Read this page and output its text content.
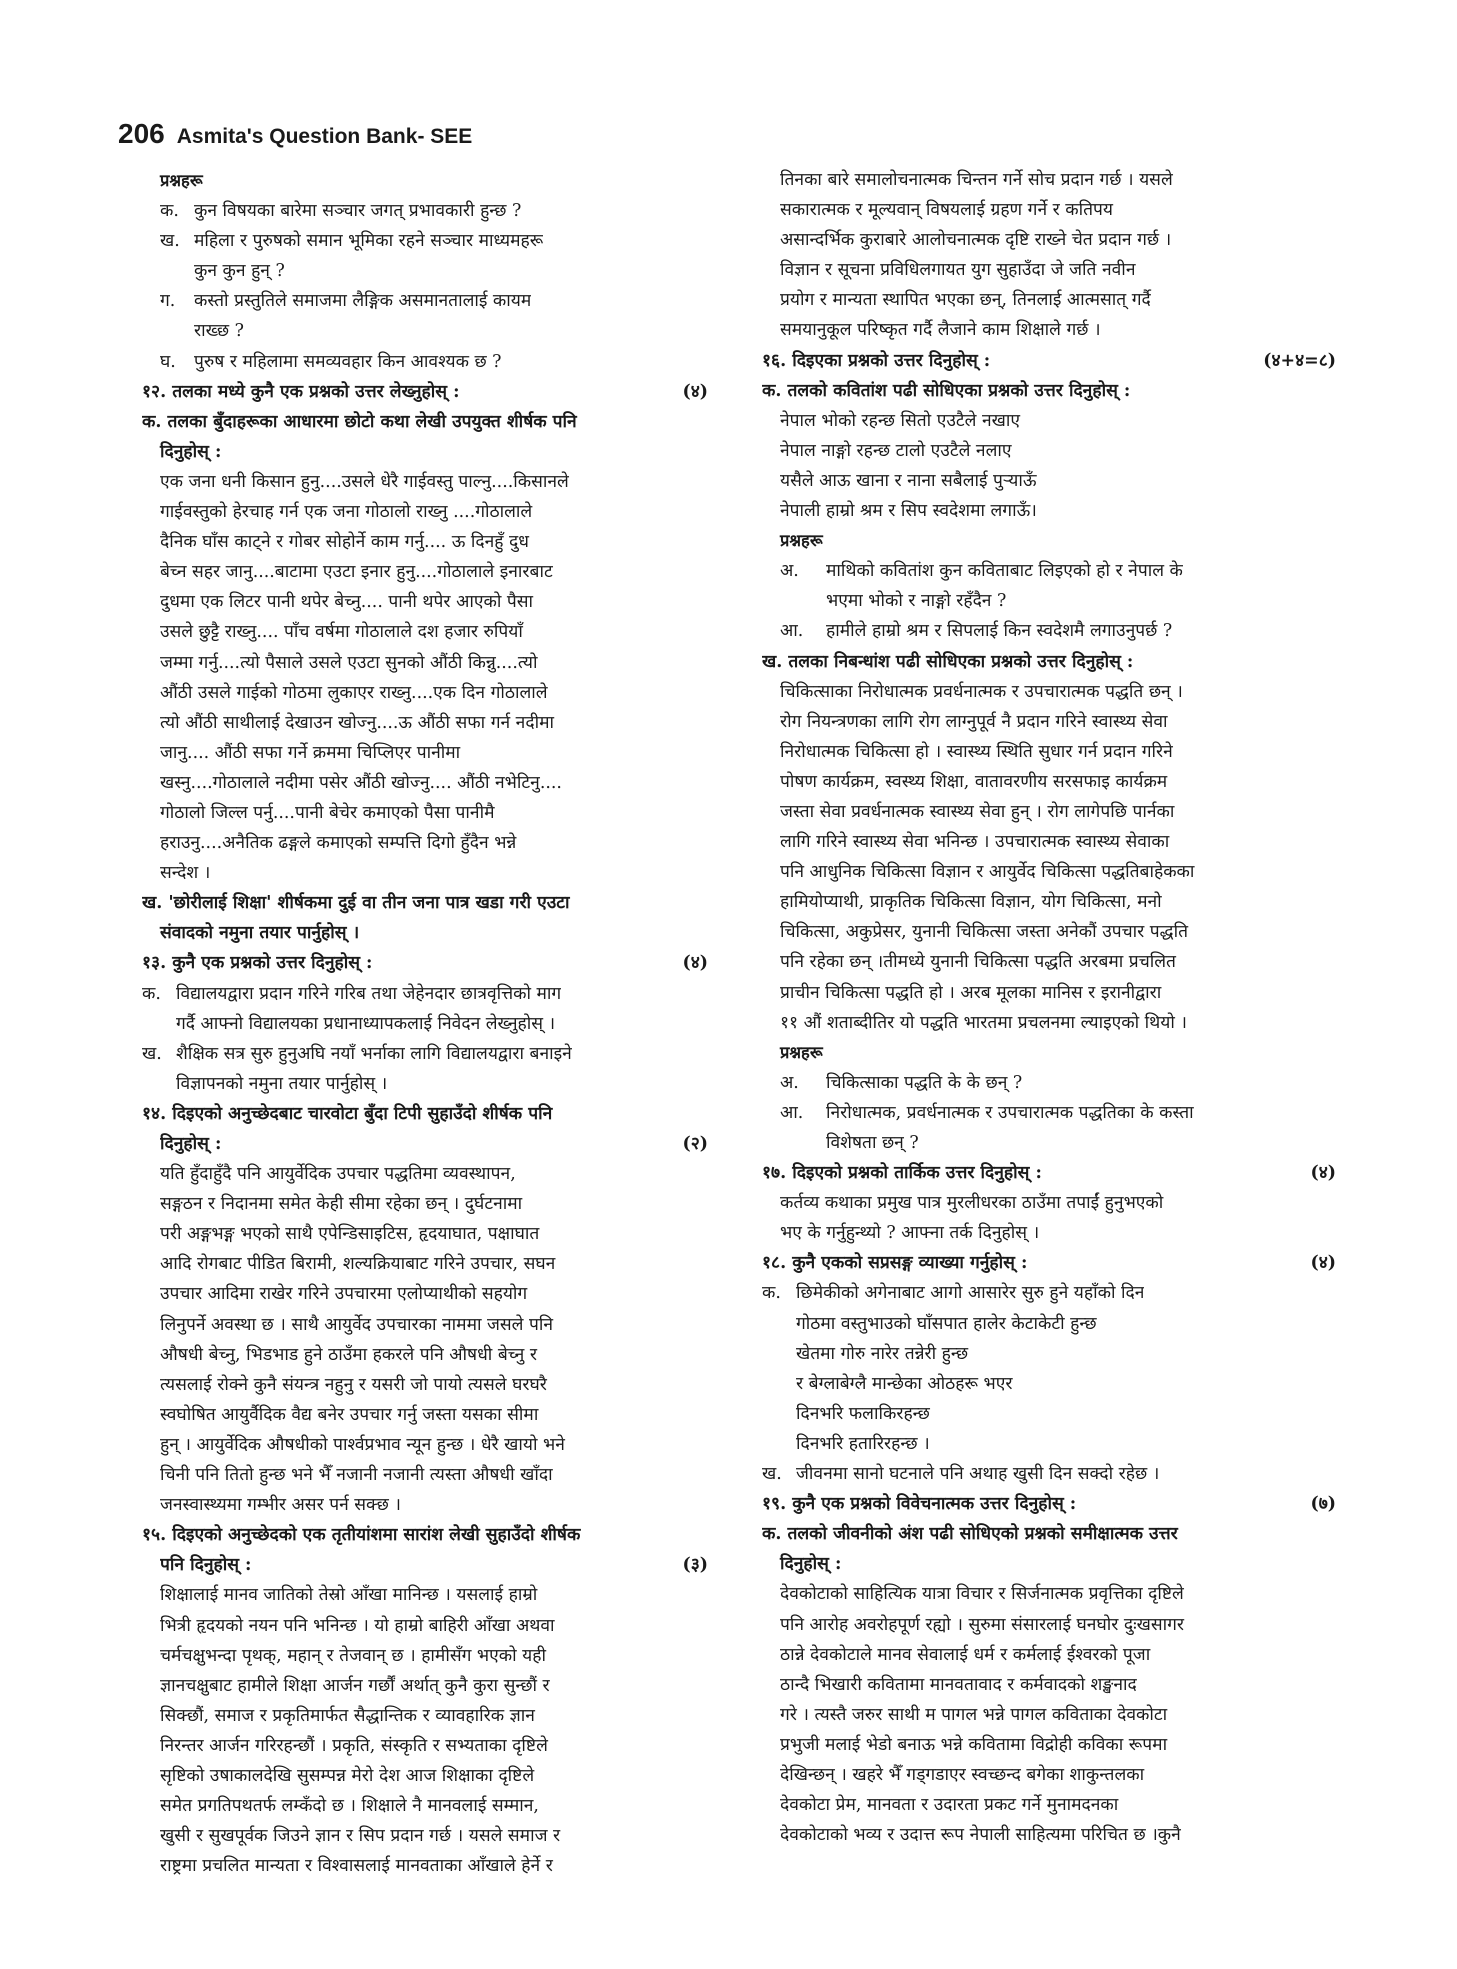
206 Asmita's Question Bank- SEE
प्रश्नहरू
क. कुन विषयका बारेमा सञ्चार जगत् प्रभावकारी हुन्छ ?
ख. महिला र पुरुषको समान भूमिका रहने सञ्चार माध्यमहरू
कुन कुन हुन् ?
ग.	कस्तो प्रस्तुतिले समाजमा लैङ्गिक असमानतालाई कायम
राख्छ ?
घ.	पुरुष र महिलामा समव्यवहार किन आवश्यक छ ?
१२. तलका मध्ये कुनै एक प्रश्नको उत्तर लेख्नुहोस् :	(४)
क. तलका बुँदाहरूका आधारमा छोटो कथा लेखी उपयुक्त शीर्षक पनि
दिनुहोस् :
एक जना धनी किसान हुनु....उसले धेरै गाईवस्तु पाल्नु....किसानले
गाईवस्तुको हेरचाह गर्न एक जना गोठालो राख्नु ....गोठालाले
दैनिक घाँस काट्ने र गोबर सोहोर्ने काम गर्नु.... ऊ दिनहुँ दुध
बेच्न सहर जानु....बाटामा एउटा इनार हुनु....गोठालाले इनारबाट
दुधमा एक लिटर पानी थपेर बेच्नु.... पानी थपेर आएको पैसा
उसले छुट्टै राख्नु.... पाँच वर्षमा गोठालाले दश हजार रुपियाँ
जम्मा गर्नु....त्यो पैसाले उसले एउटा सुनको औंठी किन्नु....त्यो
औंठी उसले गाईको गोठमा लुकाएर राख्नु....एक दिन गोठालाले
त्यो औंठी साथीलाई देखाउन खोज्नु....ऊ औंठी सफा गर्न नदीमा
जानु.... औंठी सफा गर्ने क्रममा चिप्लिएर पानीमा
खस्नु....गोठालाले नदीमा पसेर औंठी खोज्नु.... औंठी नभेटिनु....
गोठालो जिल्ल पर्नु....पानी बेचेर कमाएको पैसा पानीमै
हराउनु....अनैतिक ढङ्गले कमाएको सम्पत्ति दिगो हुँदैन भन्ने
सन्देश ।
ख. 'छोरीलाई शिक्षा' शीर्षकमा दुई वा तीन जना पात्र खडा गरी एउटा
संवादको नमुना तयार पार्नुहोस् ।
१३. कुनै एक प्रश्नको उत्तर दिनुहोस् :	(४)
क. विद्यालयद्वारा प्रदान गरिने गरिब तथा जेहेनदार छात्रवृत्तिको माग
गर्दै आफ्नो विद्यालयका प्रधानाध्यापकलाई निवेदन लेख्नुहोस् ।
ख. शैक्षिक सत्र सुरु हुनुअघि नयाँ भर्नाका लागि विद्यालयद्वारा बनाइने
विज्ञापनको नमुना तयार पार्नुहोस् ।
१४. दिइएको अनुच्छेदबाट चारवोटा बुँदा टिपी सुहाउँदो शीर्षक पनि
दिनुहोस् :	(२)
यति हुँदाहुँदै पनि आयुर्वेदिक उपचार पद्धतिमा व्यवस्थापन,
सङ्गठन र निदानमा समेत केही सीमा रहेका छन् । दुर्घटनामा
परी अङ्गभङ्ग भएको साथै एपेन्डिसाइटिस, हृदयाघात, पक्षाघात
आदि रोगबाट पीडित बिरामी, शल्यक्रियाबाट गरिने उपचार, सघन
उपचार आदिमा राखेर गरिने उपचारमा एलोप्याथीको सहयोग
लिनुपर्ने अवस्था छ । साथै आयुर्वेद उपचारका नाममा जसले पनि
औषधी बेच्नु, भिडभाड हुने ठाउँमा हकरले पनि औषधी बेच्नु र
त्यसलाई रोक्ने कुनै संयन्त्र नहुनु र यसरी जो पायो त्यसले घरघरै
स्वघोषित आयुर्वैदिक वैद्य बनेर उपचार गर्नु जस्ता यसका सीमा
हुन् । आयुर्वेदिक औषधीको पार्श्वप्रभाव न्यून हुन्छ । धेरै खायो भने
चिनी पनि तितो हुन्छ भने भैँ नजानी नजानी त्यस्ता औषधी खाँदा
जनस्वास्थ्यमा गम्भीर असर पर्न सक्छ ।
१५. दिइएको अनुच्छेदको एक तृतीयांशमा सारांश लेखी सुहाउँदो शीर्षक
पनि दिनुहोस् :	(३)
शिक्षालाई मानव जातिको तेस्रो आँखा मानिन्छ । यसलाई हाम्रो
भित्री हृदयको नयन पनि भनिन्छ । यो हाम्रो बाहिरी आँखा अथवा
चर्मचक्षुभन्दा पृथक्, महान् र तेजवान् छ । हामीसँग भएको यही
ज्ञानचक्षुबाट हामीले शिक्षा आर्जन गर्छौं अर्थात् कुनै कुरा सुन्छौं र
सिक्छौं, समाज र प्रकृतिमार्फत सैद्धान्तिक र व्यावहारिक ज्ञान
निरन्तर आर्जन गरिरहन्छौं । प्रकृति, संस्कृति र सभ्यताका दृष्टिले
सृष्टिको उषाकालदेखि सुसम्पन्न मेरो देश आज शिक्षाका दृष्टिले
समेत प्रगतिपथतर्फ लम्कँदो छ । शिक्षाले नै मानवलाई सम्मान,
खुसी र सुखपूर्वक जिउने ज्ञान र सिप प्रदान गर्छ । यसले समाज र
राष्ट्रमा प्रचलित मान्यता र विश्वासलाई मानवताका आँखाले हेर्ने र
तिनका बारे समालोचनात्मक चिन्तन गर्ने सोच प्रदान गर्छ । यसले
सकारात्मक र मूल्यवान् विषयलाई ग्रहण गर्ने र कतिपय
असान्दर्भिक कुराबारे आलोचनात्मक दृष्टि राख्ने चेत प्रदान गर्छ ।
विज्ञान र सूचना प्रविधिलगायत युग सुहाउँदा जे जति नवीन
प्रयोग र मान्यता स्थापित भएका छन्, तिनलाई आत्मसात् गर्दै
समयानुकूल परिष्कृत गर्दै लैजाने काम शिक्षाले गर्छ ।
१६. दिइएका प्रश्नको उत्तर दिनुहोस् :	(४+४=८)
क. तलको कवितांश पढी सोधिएका प्रश्नको उत्तर दिनुहोस् :
नेपाल भोको रहन्छ सितो एउटैले नखाए
नेपाल नाङ्गो रहन्छ टालो एउटैले नलाए
यसैले आऊ खाना र नाना सबैलाई पुऱ्याऊँ
नेपाली हाम्रो श्रम र सिप स्वदेशमा लगाऊँ।
प्रश्नहरू
अ.	माथिको कवितांश कुन कविताबाट लिइएको हो र नेपाल के
भएमा भोको र नाङ्गो रहँदैन ?
आ.	हामीले हाम्रो श्रम र सिपलाई किन स्वदेशमै लगाउनुपर्छ ?
ख. तलका निबन्धांश पढी सोधिएका प्रश्नको उत्तर दिनुहोस् :
चिकित्साका निरोधात्मक प्रवर्धनात्मक र उपचारात्मक पद्धति छन् ।
रोग नियन्त्रणका लागि रोग लाग्नुपूर्व नै प्रदान गरिने स्वास्थ्य सेवा
निरोधात्मक चिकित्सा हो । स्वास्थ्य स्थिति सुधार गर्न प्रदान गरिने
पोषण कार्यक्रम, स्वस्थ्य शिक्षा, वातावरणीय सरसफाइ कार्यक्रम
जस्ता सेवा प्रवर्धनात्मक स्वास्थ्य सेवा हुन् । रोग लागेपछि पार्नका
लागि गरिने स्वास्थ्य सेवा भनिन्छ । उपचारात्मक स्वास्थ्य सेवाका
पनि आधुनिक चिकित्सा विज्ञान र आयुर्वेद चिकित्सा पद्धतिबाहेकका
हामियोप्याथी, प्राकृतिक चिकित्सा विज्ञान, योग चिकित्सा, मनो
चिकित्सा, अकुप्रेसर, युनानी चिकित्सा जस्ता अनेकौं उपचार पद्धति
पनि रहेका छन् ।तीमध्ये युनानी चिकित्सा पद्धति अरबमा प्रचलित
प्राचीन चिकित्सा पद्धति हो । अरब मूलका मानिस र इरानीद्वारा
११ औं शताब्दीतिर यो पद्धति भारतमा प्रचलनमा ल्याइएको थियो ।
प्रश्नहरू
अ.	चिकित्साका पद्धति के के छन् ?
आ.	निरोधात्मक, प्रवर्धनात्मक र उपचारात्मक पद्धतिका के कस्ता
विशेषता छन् ?
१७. दिइएको प्रश्नको तार्किक उत्तर दिनुहोस् :	(४)
कर्तव्य कथाका प्रमुख पात्र मुरलीधरका ठाउँमा तपाईं हुनुभएको
भए के गर्नुहुन्थ्यो ? आफ्ना तर्क दिनुहोस् ।
१८. कुनै एकको सप्रसङ्ग व्याख्या गर्नुहोस् :	(४)
क. छिमेकीको अगेनाबाट आगो आसारेर सुरु हुने यहाँको दिन
गोठमा वस्तुभाउको घाँसपात हालेर केटाकेटी हुन्छ
खेतमा गोरु नारेर तन्नेरी हुन्छ
र बेग्लाबेग्लै मान्छेका ओठहरू भएर
दिनभरि फलाकिरहन्छ
दिनभरि हतारिरहन्छ ।
ख. जीवनमा सानो घटनाले पनि अथाह खुसी दिन सक्दो रहेछ ।
१९. कुनै एक प्रश्नको विवेचनात्मक उत्तर दिनुहोस् :	(७)
क. तलको जीवनीको अंश पढी सोधिएको प्रश्नको समीक्षात्मक उत्तर
दिनुहोस् :
देवकोटाको साहित्यिक यात्रा विचार र सिर्जनात्मक प्रवृत्तिका दृष्टिले
पनि आरोह अवरोहपूर्ण रह्यो । सुरुमा संसारलाई घनघोर दुःखसागर
ठान्ने देवकोटाले मानव सेवालाई धर्म र कर्मलाई ईश्वरको पूजा
ठान्दै भिखारी कवितामा मानवतावाद र कर्मवादको शङ्खनाद
गरे । त्यस्तै जरुर साथी म पागल भन्ने पागल कविताका देवकोटा
प्रभुजी मलाई भेडो बनाऊ भन्ने कवितामा विद्रोही कविका रूपमा
देखिन्छन् । खहरे भैँ गड्गडाएर स्वच्छन्द बगेका शाकुन्तलका
देवकोटा प्रेम, मानवता र उदारता प्रकट गर्ने मुनामदनका
देवकोटाको भव्य र उदात्त रूप नेपाली साहित्यमा परिचित छ ।कुनै
